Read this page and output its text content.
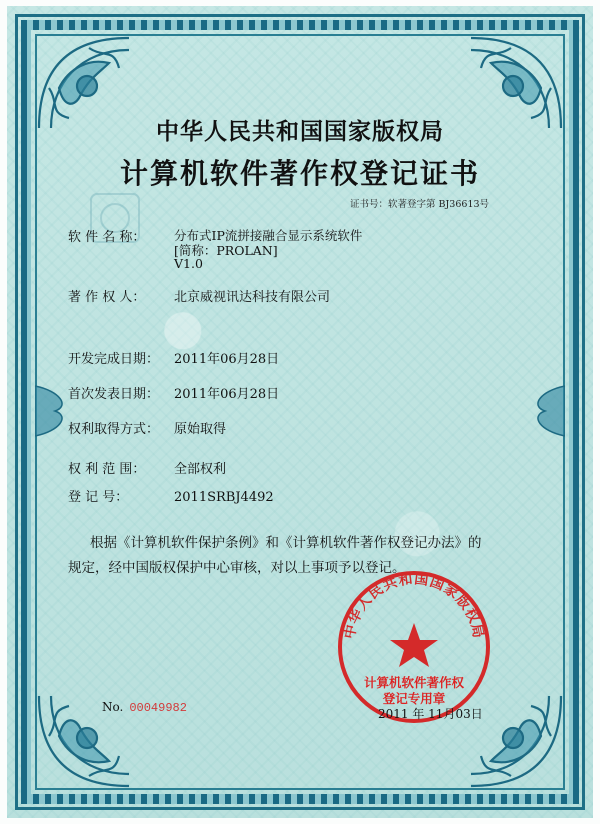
中华人民共和国国家版权局
计算机软件著作权登记证书
证书号：软著登字第 BJ36613号
软 件 名 称：	分布式IP流拼接融合显示系统软件
[简称：PROLAN]
V1.0
著 作 权 人： 北京威视讯达科技有限公司
开发完成日期： 2011年06月28日
首次发表日期： 2011年06月28日
权利取得方式： 原始取得
权 利 范 围： 全部权利
登 记 号：	2011SRBJ4492
根据《计算机软件保护条例》和《计算机软件著作权登记办法》的
规定，经中国版权保护中心审核，对以上事项予以登记。
中华人民共和国国家版权局
计算机软件著作权
登记专用章
No. 00049982	2011 年 11月03日
